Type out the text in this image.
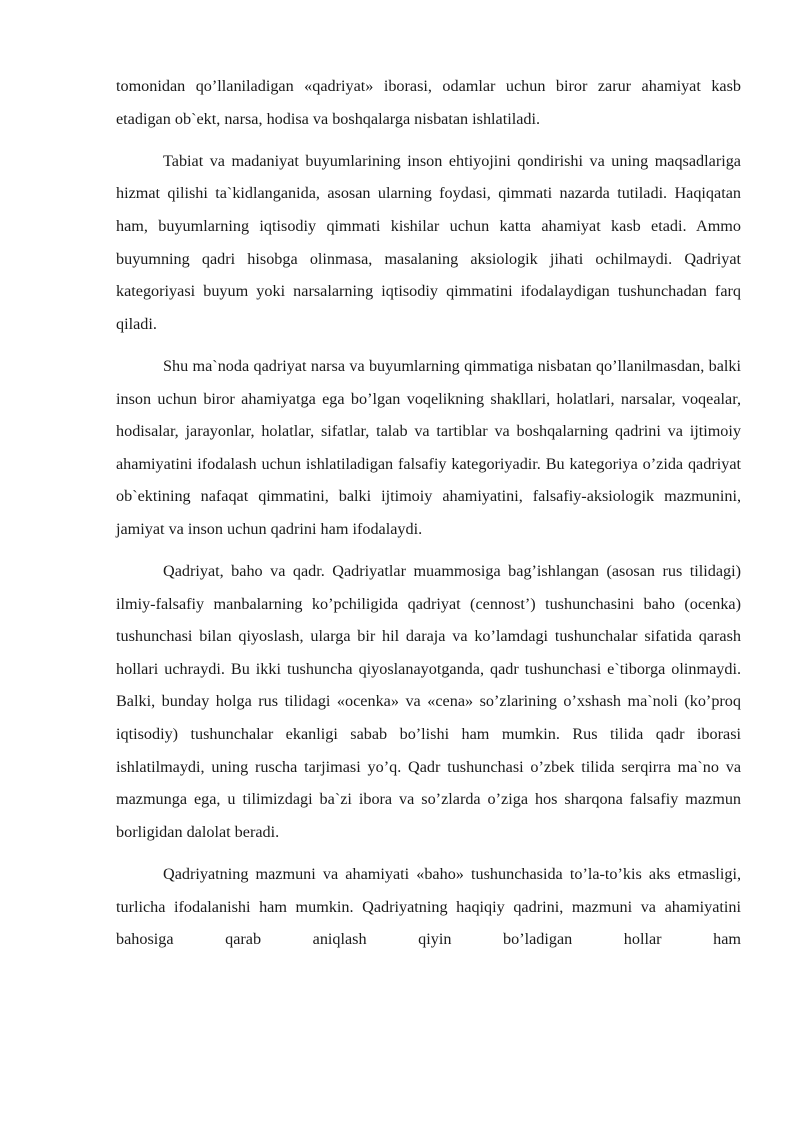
tomonidan qo’llaniladigan «qadriyat» iborasi, odamlar uchun biror zarur ahamiyat kasb etadigan ob`ekt, narsa, hodisa va boshqalarga nisbatan ishlatiladi.

Tabiat va madaniyat buyumlarining inson ehtiyojini qondirishi va uning maqsadlariga hizmat qilishi ta`kidlanganida, asosan ularning foydasi, qimmati nazarda tutiladi. Haqiqatan ham, buyumlarning iqtisodiy qimmati kishilar uchun katta ahamiyat kasb etadi. Ammo buyumning qadri hisobga olinmasa, masalaning aksiologik jihati ochilmaydi. Qadriyat kategoriyasi buyum yoki narsalarning iqtisodiy qimmatini ifodalaydigan tushunchadan farq qiladi.

Shu ma`noda qadriyat narsa va buyumlarning qimmatiga nisbatan qo’llanilmasdan, balki inson uchun biror ahamiyatga ega bo’lgan voqelikning shakllari, holatlari, narsalar, voqealar, hodisalar, jarayonlar, holatlar, sifatlar, talab va tartiblar va boshqalarning qadrini va ijtimoiy ahamiyatini ifodalash uchun ishlatiladigan falsafiy kategoriyadir. Bu kategoriya o’zida qadriyat ob`ektining nafaqat qimmatini, balki ijtimoiy ahamiyatini, falsafiy-aksiologik mazmunini, jamiyat va inson uchun qadrini ham ifodalaydi.

Qadriyat, baho va qadr. Qadriyatlar muammosiga bag’ishlangan (asosan rus tilidagi) ilmiy-falsafiy manbalarning ko’pchiligida qadriyat (cennost’) tushunchasini baho (ocenka) tushunchasi bilan qiyoslash, ularga bir hil daraja va ko’lamdagi tushunchalar sifatida qarash hollari uchraydi. Bu ikki tushuncha qiyoslanayotganda, qadr tushunchasi e`tiborga olinmaydi. Balki, bunday holga rus tilidagi «ocenka» va «cena» so’zlarining o’xshash ma`noli (ko’proq iqtisodiy) tushunchalar ekanligi sabab bo’lishi ham mumkin. Rus tilida qadr iborasi ishlatilmaydi, uning ruscha tarjimasi yo’q. Qadr tushunchasi o’zbek tilida serqirra ma`no va mazmunga ega, u tilimizdagi ba`zi ibora va so’zlarda o’ziga hos sharqona falsafiy mazmun borligidan dalolat beradi.

Qadriyatning mazmuni va ahamiyati «baho» tushunchasida to’la-to’kis aks etmasligi, turlicha ifodalanishi ham mumkin. Qadriyatning haqiqiy qadrini, mazmuni va ahamiyatini bahosiga qarab aniqlash qiyin bo’ladigan hollar ham
